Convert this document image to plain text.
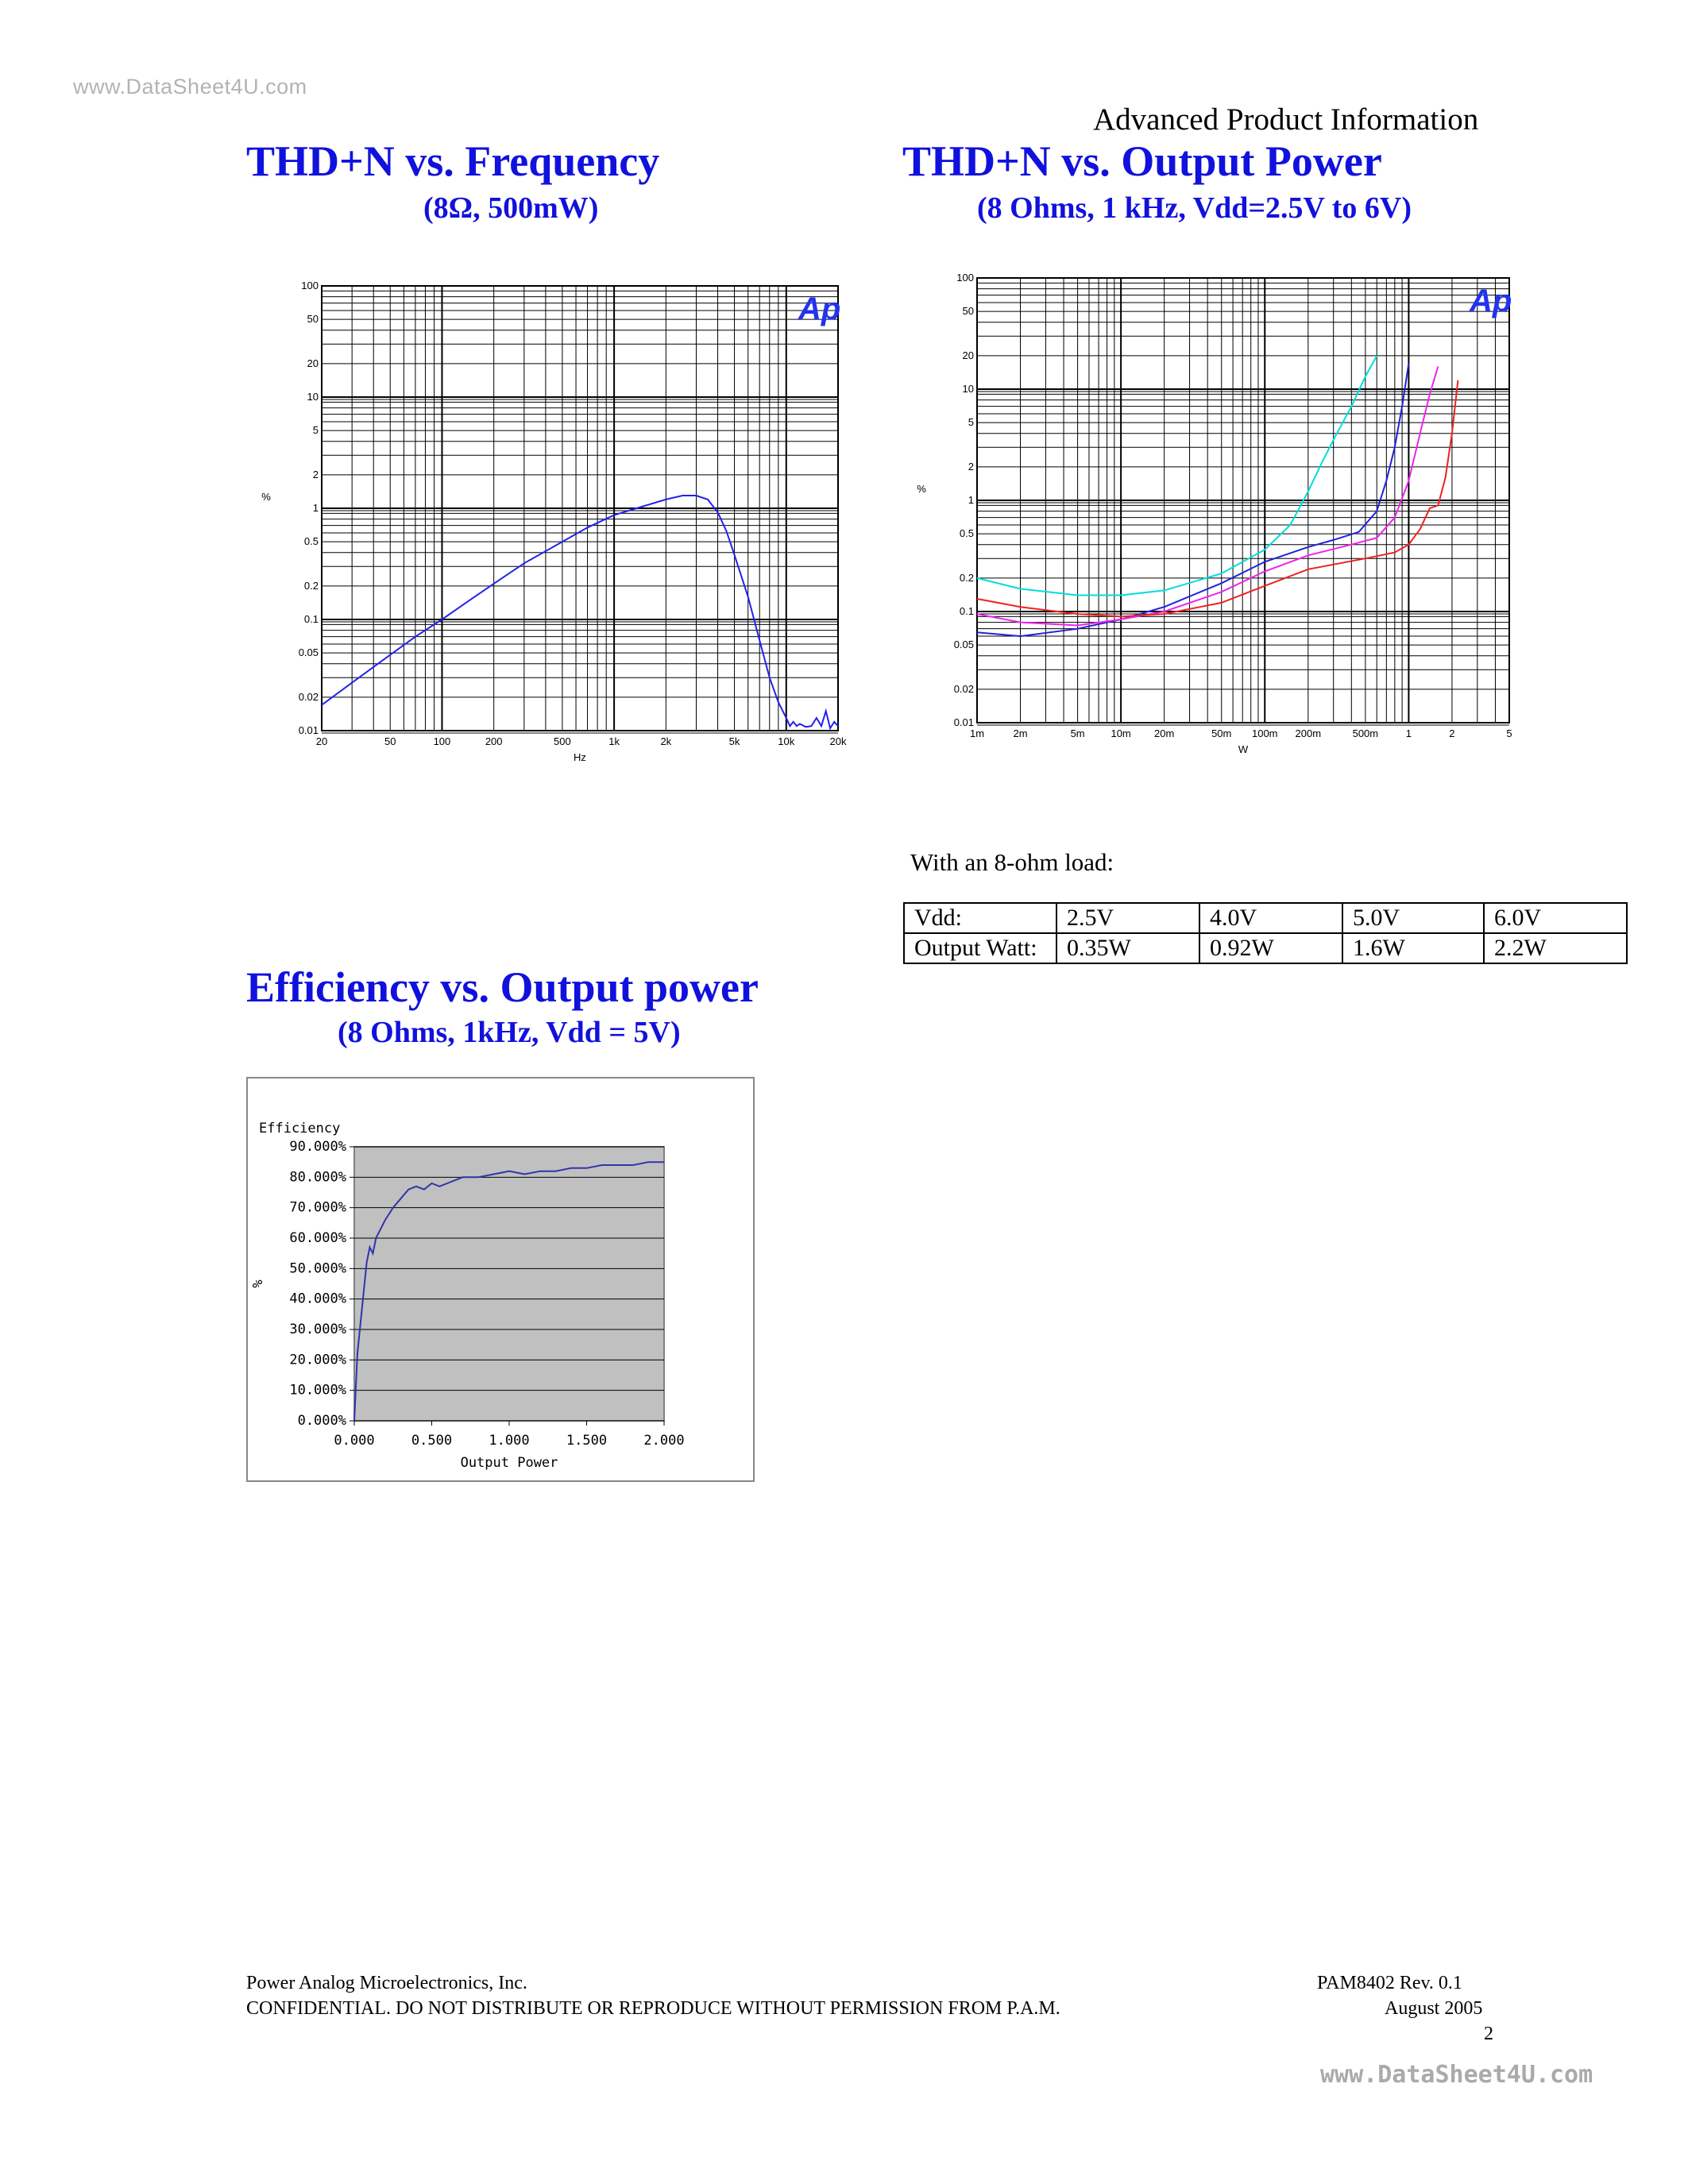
www.DataSheet4U.com
Advanced Product Information
THD+N vs. Frequency
(8Ω, 500mW)
THD+N vs. Output Power
(8 Ohms, 1 kHz, Vdd=2.5V to 6V)
Efficiency vs. Output power
(8 Ohms, 1kHz, Vdd = 5V)
20	50	100	200	500	1k	2k	5k	10k	20k
0.01
0.02
0.05
0.1
0.2
0.5
1
2
5
10
20
50
100
Hz
%
Ap
1m	2m	5m	10m 20m	50m 100m 200m	500m	1	2	5
0.01
0.02
0.05
0.1
0.2
0.5
1
2
5
10
20
50
100
W
%
Ap
0.000	0.500	1.000	1.500	2.000
0.000%
10.000%
20.000%
30.000%
40.000%
50.000%
60.000%
70.000%
80.000%
90.000%
Efficiency
Output Power
%
With an 8-ohm load:
Vdd:	2.5V	4.0V	5.0V	6.0V
Output Watt:	0.35W	0.92W	1.6W	2.2W
Power Analog Microelectronics, Inc.
CONFIDENTIAL. DO NOT DISTRIBUTE OR REPRODUCE WITHOUT PERMISSION FROM P.A.M.
PAM8402 Rev. 0.1
August 2005
2
www.DataSheet4U.com
